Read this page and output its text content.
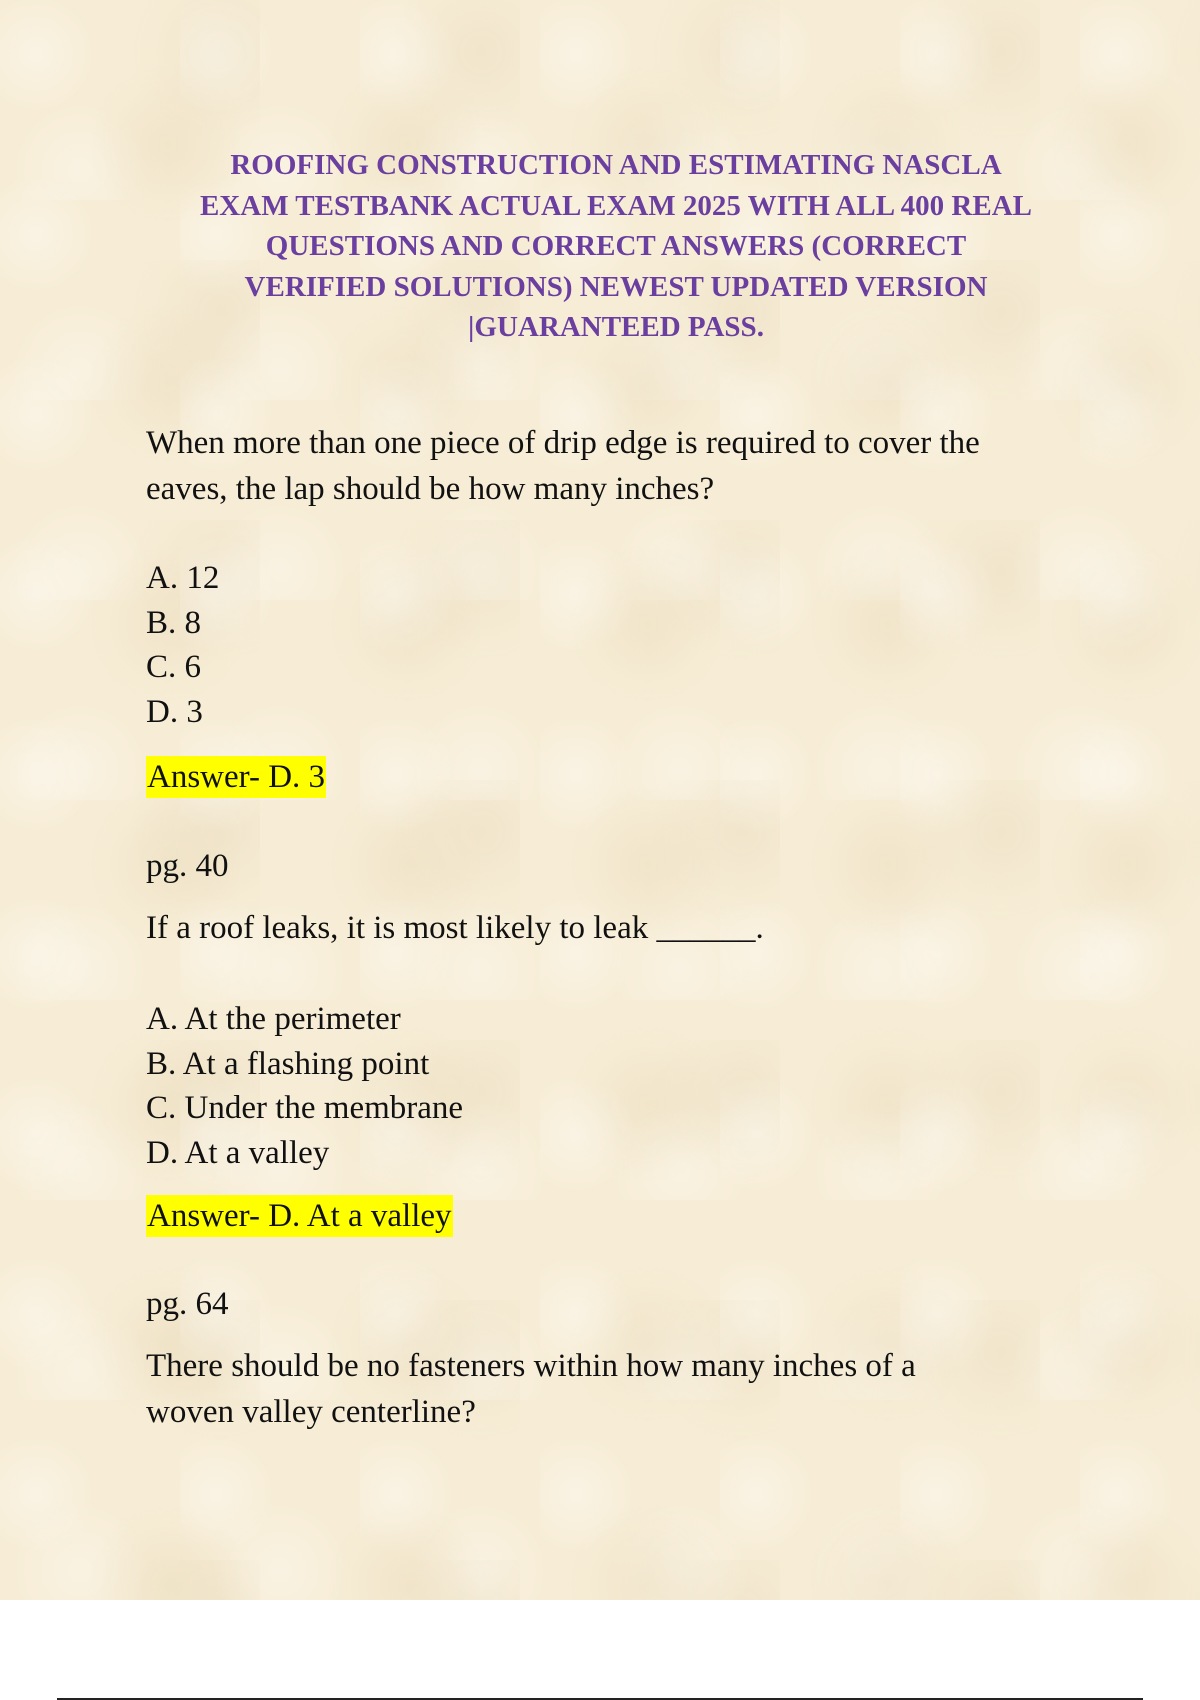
ROOFING CONSTRUCTION AND ESTIMATING NASCLA
EXAM TESTBANK ACTUAL EXAM 2025 WITH ALL 400 REAL
QUESTIONS AND CORRECT ANSWERS (CORRECT
VERIFIED SOLUTIONS) NEWEST UPDATED VERSION
|GUARANTEED PASS.

When more than one piece of drip edge is required to cover the
eaves, the lap should be how many inches?

A. 12
B. 8
C. 6
D. 3
Answer- D. 3

pg. 40

If a roof leaks, it is most likely to leak ______.

A. At the perimeter
B. At a flashing point
C. Under the membrane
D. At a valley
Answer- D. At a valley

pg. 64

There should be no fasteners within how many inches of a
woven valley centerline?
